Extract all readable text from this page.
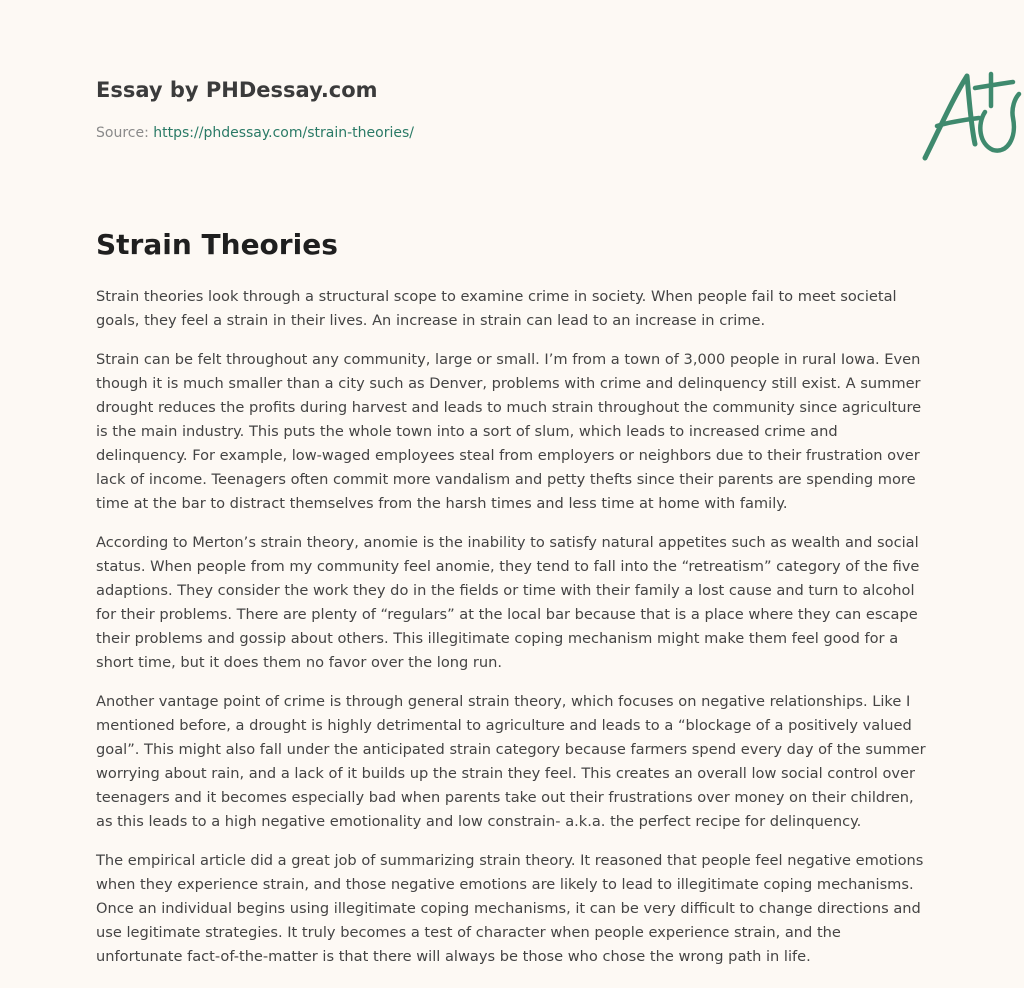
Essay by PHDessay.com
Source: https://phdessay.com/strain-theories/
Strain Theories

Strain theories look through a structural scope to examine crime in society. When people fail to meet societal goals, they feel a strain in their lives. An increase in strain can lead to an increase in crime.

Strain can be felt throughout any community, large or small. I’m from a town of 3,000 people in rural Iowa. Even though it is much smaller than a city such as Denver, problems with crime and delinquency still exist. A summer drought reduces the profits during harvest and leads to much strain throughout the community since agriculture is the main industry. This puts the whole town into a sort of slum, which leads to increased crime and delinquency. For example, low-waged employees steal from employers or neighbors due to their frustration over lack of income. Teenagers often commit more vandalism and petty thefts since their parents are spending more time at the bar to distract themselves from the harsh times and less time at home with family.

According to Merton’s strain theory, anomie is the inability to satisfy natural appetites such as wealth and social status. When people from my community feel anomie, they tend to fall into the “retreatism” category of the five adaptions. They consider the work they do in the fields or time with their family a lost cause and turn to alcohol for their problems. There are plenty of “regulars” at the local bar because that is a place where they can escape their problems and gossip about others. This illegitimate coping mechanism might make them feel good for a short time, but it does them no favor over the long run.

Another vantage point of crime is through general strain theory, which focuses on negative relationships. Like I mentioned before, a drought is highly detrimental to agriculture and leads to a “blockage of a positively valued goal”. This might also fall under the anticipated strain category because farmers spend every day of the summer worrying about rain, and a lack of it builds up the strain they feel. This creates an overall low social control over teenagers and it becomes especially bad when parents take out their frustrations over money on their children, as this leads to a high negative emotionality and low constrain- a.k.a. the perfect recipe for delinquency.

The empirical article did a great job of summarizing strain theory. It reasoned that people feel negative emotions when they experience strain, and those negative emotions are likely to lead to illegitimate coping mechanisms. Once an individual begins using illegitimate coping mechanisms, it can be very difficult to change directions and use legitimate strategies. It truly becomes a test of character when people experience strain, and the unfortunate fact-of-the-matter is that there will always be those who chose the wrong path in life.
